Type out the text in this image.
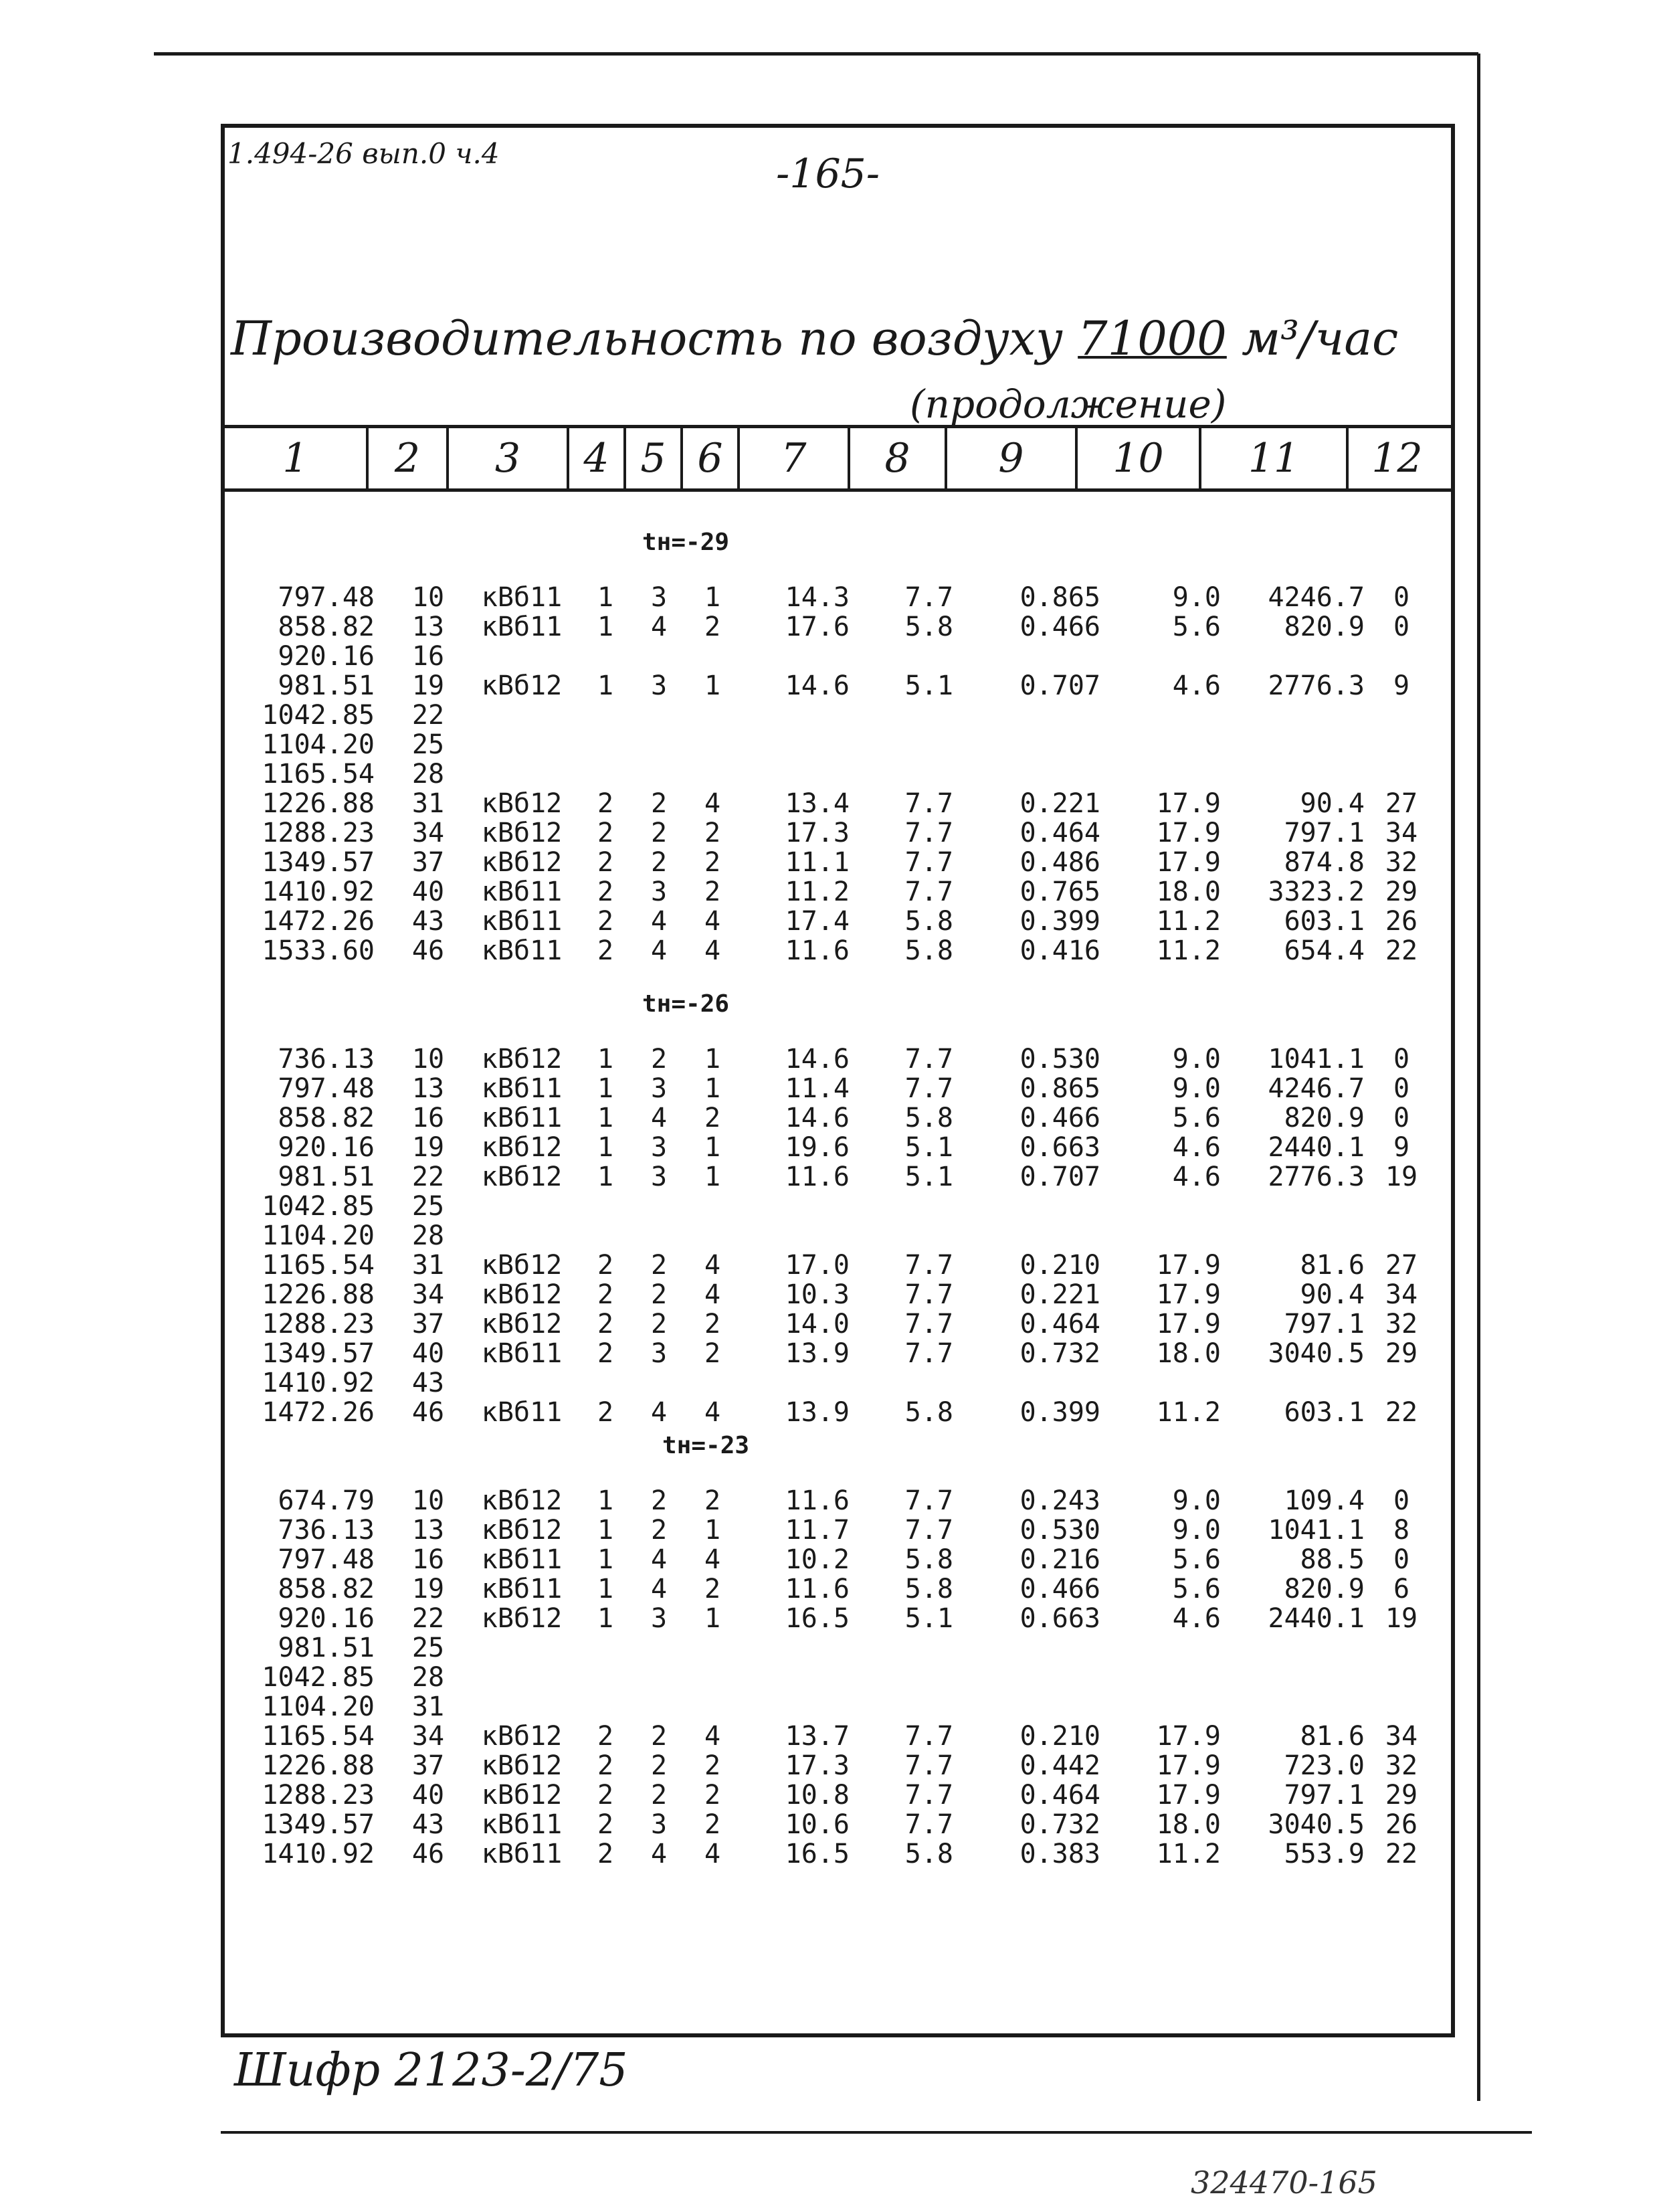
1.494-26 вып.0 ч.4	-165-
Производительность по воздуху 71000 м³/час
(продолжение)
1	2	3	4 5 6	7	8	9	10	11	12
tн=-29
797.48	10	кВб11	1	3	1	14.3	7.7	0.865	9.0	4246.7	0
858.82	13	кВб11	1	4	2	17.6	5.8	0.466	5.6	820.9	0
920.16	16
981.51	19	кВб12	1	3	1	14.6	5.1	0.707	4.6	2776.3	9
1042.85	22
1104.20	25
1165.54	28
1226.88	31	кВб12	2	2	4	13.4	7.7	0.221	17.9	90.4 27
1288.23	34	кВб12	2	2	2	17.3	7.7	0.464	17.9	797.1 34
1349.57	37	кВб12	2	2	2	11.1	7.7	0.486	17.9	874.8 32
1410.92	40	кВб11	2	3	2	11.2	7.7	0.765	18.0	3323.2 29
1472.26	43	кВб11	2	4	4	17.4	5.8	0.399	11.2	603.1 26
1533.60	46	кВб11	2	4	4	11.6	5.8	0.416	11.2	654.4 22
tн=-26
736.13	10	кВб12	1	2	1	14.6	7.7	0.530	9.0	1041.1	0
797.48	13	кВб11	1	3	1	11.4	7.7	0.865	9.0	4246.7	0
858.82	16	кВб11	1	4	2	14.6	5.8	0.466	5.6	820.9	0
920.16	19	кВб12	1	3	1	19.6	5.1	0.663	4.6	2440.1	9
981.51	22	кВб12	1	3	1	11.6	5.1	0.707	4.6	2776.3 19
1042.85	25
1104.20	28
1165.54	31	кВб12	2	2	4	17.0	7.7	0.210	17.9	81.6 27
1226.88	34	кВб12	2	2	4	10.3	7.7	0.221	17.9	90.4 34
1288.23	37	кВб12	2	2	2	14.0	7.7	0.464	17.9	797.1 32
1349.57	40	кВб11	2	3	2	13.9	7.7	0.732	18.0	3040.5 29
1410.92	43
1472.26	46	кВб11	2	4	4	13.9	5.8	0.399	11.2	603.1 22
tн=-23
674.79	10	кВб12	1	2	2	11.6	7.7	0.243	9.0	109.4	0
736.13	13	кВб12	1	2	1	11.7	7.7	0.530	9.0	1041.1	8
797.48	16	кВб11	1	4	4	10.2	5.8	0.216	5.6	88.5	0
858.82	19	кВб11	1	4	2	11.6	5.8	0.466	5.6	820.9	6
920.16	22	кВб12	1	3	1	16.5	5.1	0.663	4.6	2440.1 19
981.51	25
1042.85	28
1104.20	31
1165.54	34	кВб12	2	2	4	13.7	7.7	0.210	17.9	81.6 34
1226.88	37	кВб12	2	2	2	17.3	7.7	0.442	17.9	723.0 32
1288.23	40	кВб12	2	2	2	10.8	7.7	0.464	17.9	797.1 29
1349.57	43	кВб11	2	3	2	10.6	7.7	0.732	18.0	3040.5 26
1410.92	46	кВб11	2	4	4	16.5	5.8	0.383	11.2	553.9 22
Шифр 2123-2/75
324470-165
